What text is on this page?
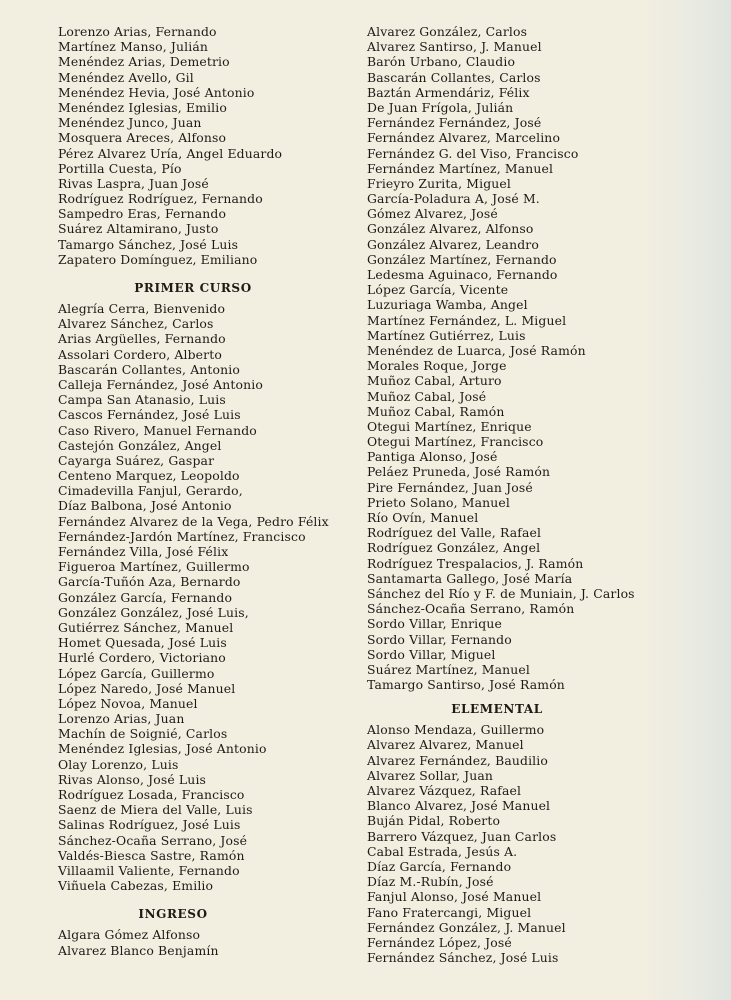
Lorenzo Arias, Fernando
Martínez Manso, Julián
Menéndez Arias, Demetrio
Menéndez Avello, Gil
Menéndez Hevia, José Antonio
Menéndez Iglesias, Emilio
Menéndez Junco, Juan
Mosquera Areces, Alfonso
Pérez Alvarez Uría, Angel Eduardo
Portilla Cuesta, Pío
Rivas Laspra, Juan José
Rodríguez Rodríguez, Fernando
Sampedro Eras, Fernando
Suárez Altamirano, Justo
Tamargo Sánchez, José Luis
Zapatero Domínguez, Emiliano
PRIMER CURSO
Alegría Cerra, Bienvenido
Alvarez Sánchez, Carlos
Arias Argüelles, Fernando
Assolari Cordero, Alberto
Bascarán Collantes, Antonio
Calleja Fernández, José Antonio
Campa San Atanasio, Luis
Cascos Fernández, José Luis
Caso Rivero, Manuel Fernando
Castejón González, Angel
Cayarga Suárez, Gaspar
Centeno Marquez, Leopoldo
Cimadevilla Fanjul, Gerardo,
Díaz Balbona, José Antonio
Fernández Alvarez de la Vega, Pedro Félix
Fernández-Jardón Martínez, Francisco
Fernández Villa, José Félix
Figueroa Martínez, Guillermo
García-Tuñón Aza, Bernardo
González García, Fernando
González González, José Luis,
Gutiérrez Sánchez, Manuel
Homet Quesada, José Luis
Hurlé Cordero, Victoriano
López García, Guillermo
López Naredo, José Manuel
López Novoa, Manuel
Lorenzo Arias, Juan
Machín de Soignié, Carlos
Menéndez Iglesias, José Antonio
Olay Lorenzo, Luis
Rivas Alonso, José Luis
Rodríguez Losada, Francisco
Saenz de Miera del Valle, Luis
Salinas Rodríguez, José Luis
Sánchez-Ocaña Serrano, José
Valdés-Biesca Sastre, Ramón
Villaamil Valiente, Fernando
Viñuela Cabezas, Emilio
INGRESO
Algara Gómez Alfonso
Alvarez Blanco Benjamín
Alvarez González, Carlos
Alvarez Santirso, J. Manuel
Barón Urbano, Claudio
Bascarán Collantes, Carlos
Baztán Armendáriz, Félix
De Juan Frígola, Julián
Fernández Fernández, José
Fernández Alvarez, Marcelino
Fernández G. del Viso, Francisco
Fernández Martínez, Manuel
Frieyro Zurita, Miguel
García-Poladura A, José M.
Gómez Alvarez, José
González Alvarez, Alfonso
González Alvarez, Leandro
González Martínez, Fernando
Ledesma Aguinaco, Fernando
López García, Vicente
Luzuriaga Wamba, Angel
Martínez Fernández, L. Miguel
Martínez Gutiérrez, Luis
Menéndez de Luarca, José Ramón
Morales Roque, Jorge
Muñoz Cabal, Arturo
Muñoz Cabal, José
Muñoz Cabal, Ramón
Otegui Martínez, Enrique
Otegui Martínez, Francisco
Pantiga Alonso, José
Peláez Pruneda, José Ramón
Pire Fernández, Juan José
Prieto Solano, Manuel
Río Ovín, Manuel
Rodríguez del Valle, Rafael
Rodríguez González, Angel
Rodríguez Trespalacios, J. Ramón
Santamarta Gallego, José María
Sánchez del Río y F. de Muniain, J. Carlos
Sánchez-Ocaña Serrano, Ramón
Sordo Villar, Enrique
Sordo Villar, Fernando
Sordo Villar, Miguel
Suárez Martínez, Manuel
Tamargo Santirso, José Ramón
ELEMENTAL
Alonso Mendaza, Guillermo
Alvarez Alvarez, Manuel
Alvarez Fernández, Baudilio
Alvarez Sollar, Juan
Alvarez Vázquez, Rafael
Blanco Alvarez, José Manuel
Buján Pidal, Roberto
Barrero Vázquez, Juan Carlos
Cabal Estrada, Jesús A.
Díaz García, Fernando
Díaz M.-Rubín, José
Fanjul Alonso, José Manuel
Fano Fratercangi, Miguel
Fernández González, J. Manuel
Fernández López, José
Fernández Sánchez, José Luis
